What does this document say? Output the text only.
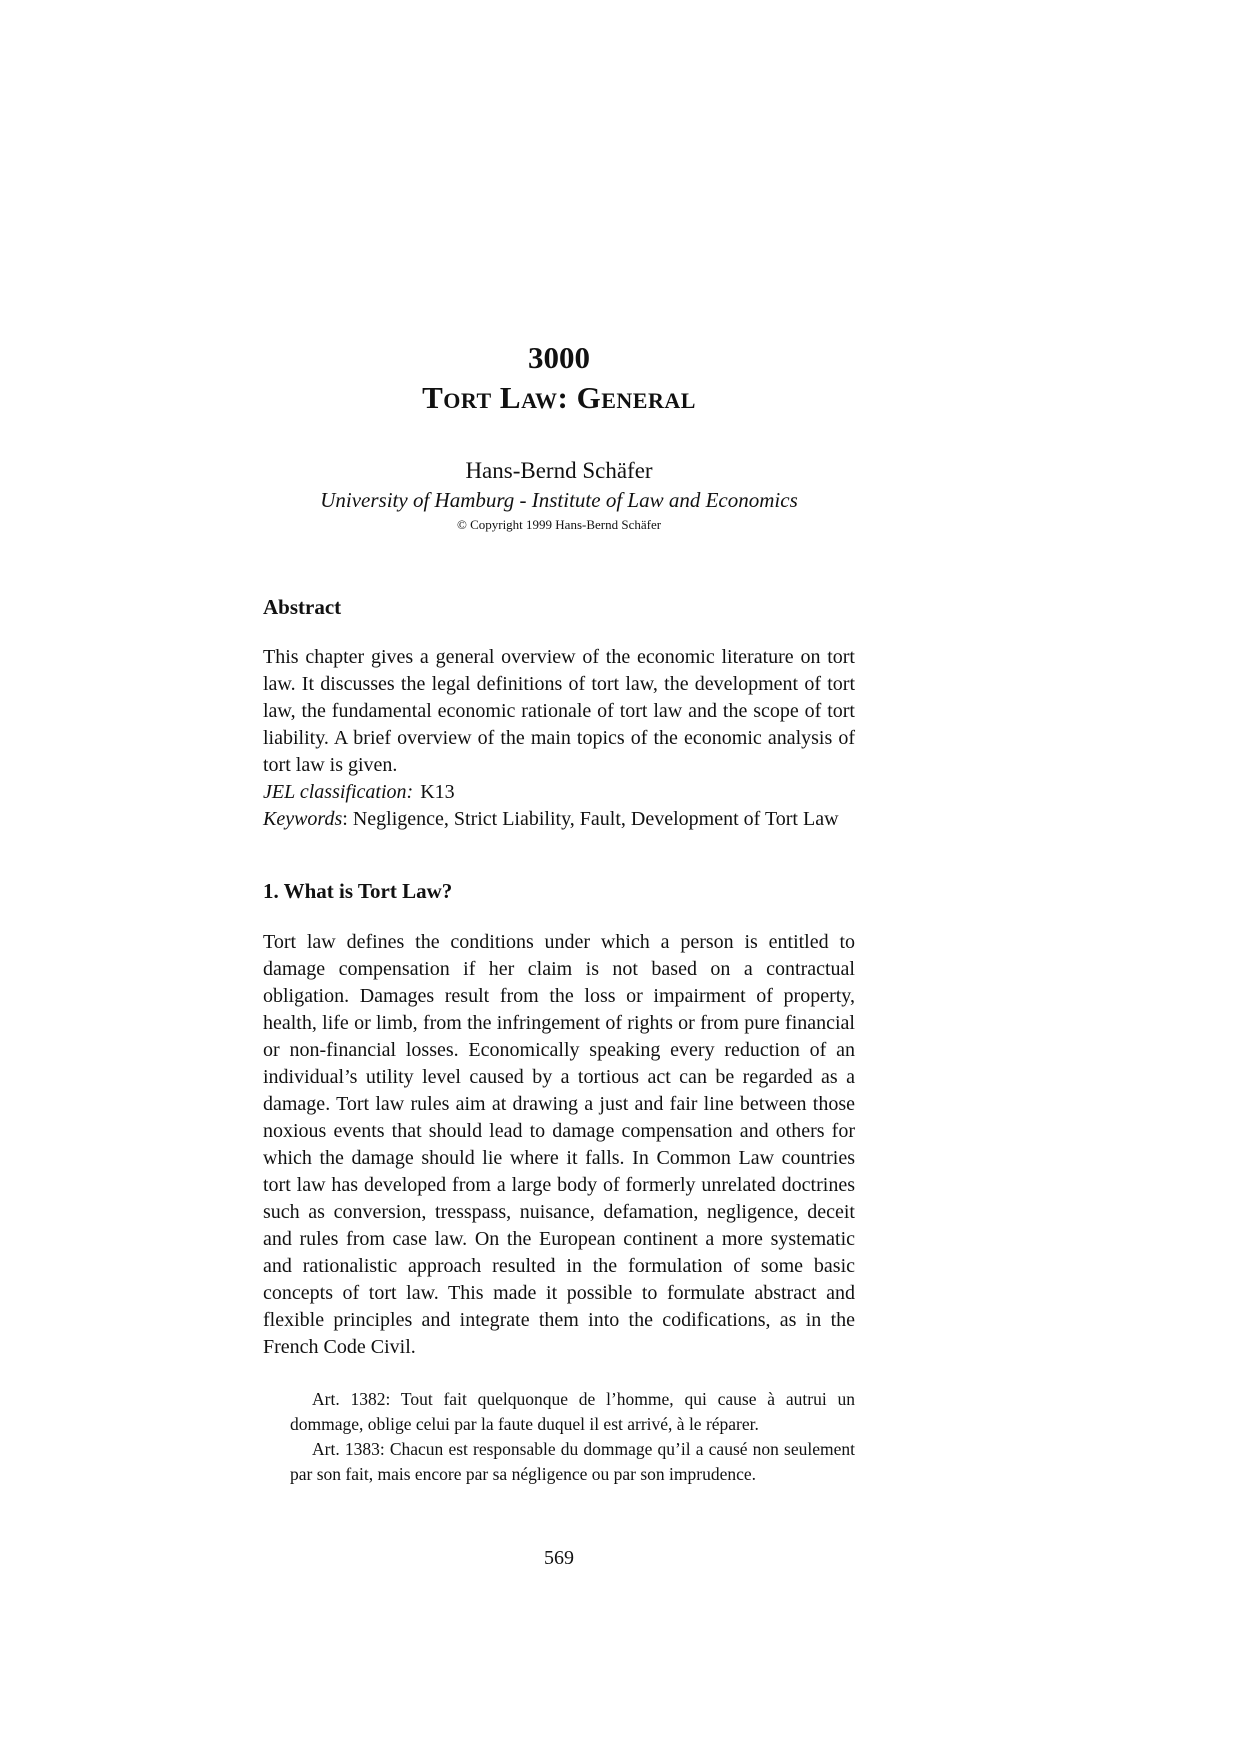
3000
Tort Law: General
Hans-Bernd Schäfer
University of Hamburg - Institute of Law and Economics
© Copyright 1999 Hans-Bernd Schäfer
Abstract

This chapter gives a general overview of the economic literature on tort law. It discusses the legal definitions of tort law, the development of tort law, the fundamental economic rationale of tort law and the scope of tort liability. A brief overview of the main topics of the economic analysis of tort law is given.

JEL classification: K13

Keywords: Negligence, Strict Liability, Fault, Development of Tort Law

1. What is Tort Law?

Tort law defines the conditions under which a person is entitled to damage compensation if her claim is not based on a contractual obligation. Damages result from the loss or impairment of property, health, life or limb, from the infringement of rights or from pure financial or non-financial losses. Economically speaking every reduction of an individual’s utility level caused by a tortious act can be regarded as a damage. Tort law rules aim at drawing a just and fair line between those noxious events that should lead to damage compensation and others for which the damage should lie where it falls. In Common Law countries tort law has developed from a large body of formerly unrelated doctrines such as conversion, tresspass, nuisance, defamation, negligence, deceit and rules from case law. On the European continent a more systematic and rationalistic approach resulted in the formulation of some basic concepts of tort law. This made it possible to formulate abstract and flexible principles and integrate them into the codifications, as in the French Code Civil.

Art. 1382: Tout fait quelquonque de l’homme, qui cause à autrui un dommage, oblige celui par la faute duquel il est arrivé, à le réparer.

Art. 1383: Chacun est responsable du dommage qu’il a causé non seulement par son fait, mais encore par sa négligence ou par son imprudence.

569
